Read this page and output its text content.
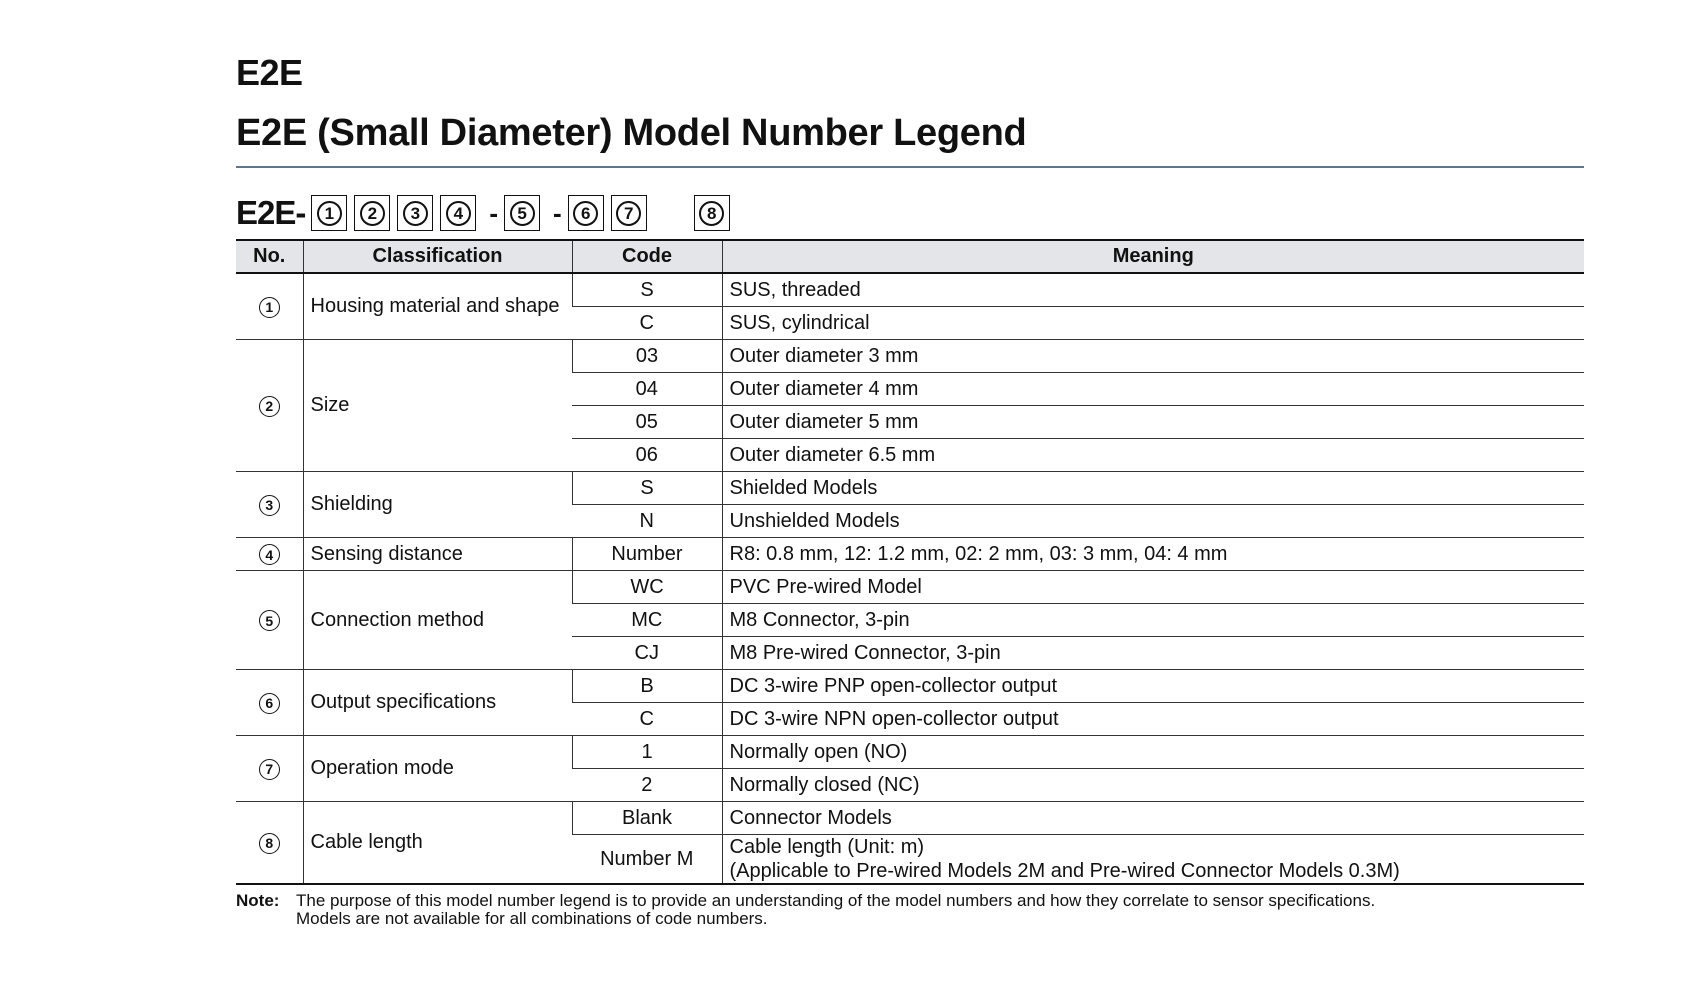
E2E
E2E (Small Diameter) Model Number Legend
E2E-	1	2	3	4 -	5 -	6	7	8
No.	Classification	Code	Meaning
1	Housing material and shape	S	SUS, threaded
		C	SUS, cylindrical
2	Size	03	Outer diameter 3 mm
		04	Outer diameter 4 mm
		05	Outer diameter 5 mm
		06	Outer diameter 6.5 mm
3	Shielding	S	Shielded Models
		N	Unshielded Models
4	Sensing distance	Number	R8: 0.8 mm, 12: 1.2 mm, 02: 2 mm, 03: 3 mm, 04: 4 mm
5	Connection method	WC	PVC Pre-wired Model
		MC	M8 Connector, 3-pin
		CJ	M8 Pre-wired Connector, 3-pin
6	Output specifications	B	DC 3-wire PNP open-collector output
		C	DC 3-wire NPN open-collector output
7	Operation mode	1	Normally open (NO)
		2	Normally closed (NC)
8	Cable length	Blank	Connector Models
		Number M	Cable length (Unit: m)
(Applicable to Pre-wired Models 2M and Pre-wired Connector Models 0.3M)
Note: The purpose of this model number legend is to provide an understanding of the model numbers and how they correlate to sensor specifications.
Models are not available for all combinations of code numbers.
